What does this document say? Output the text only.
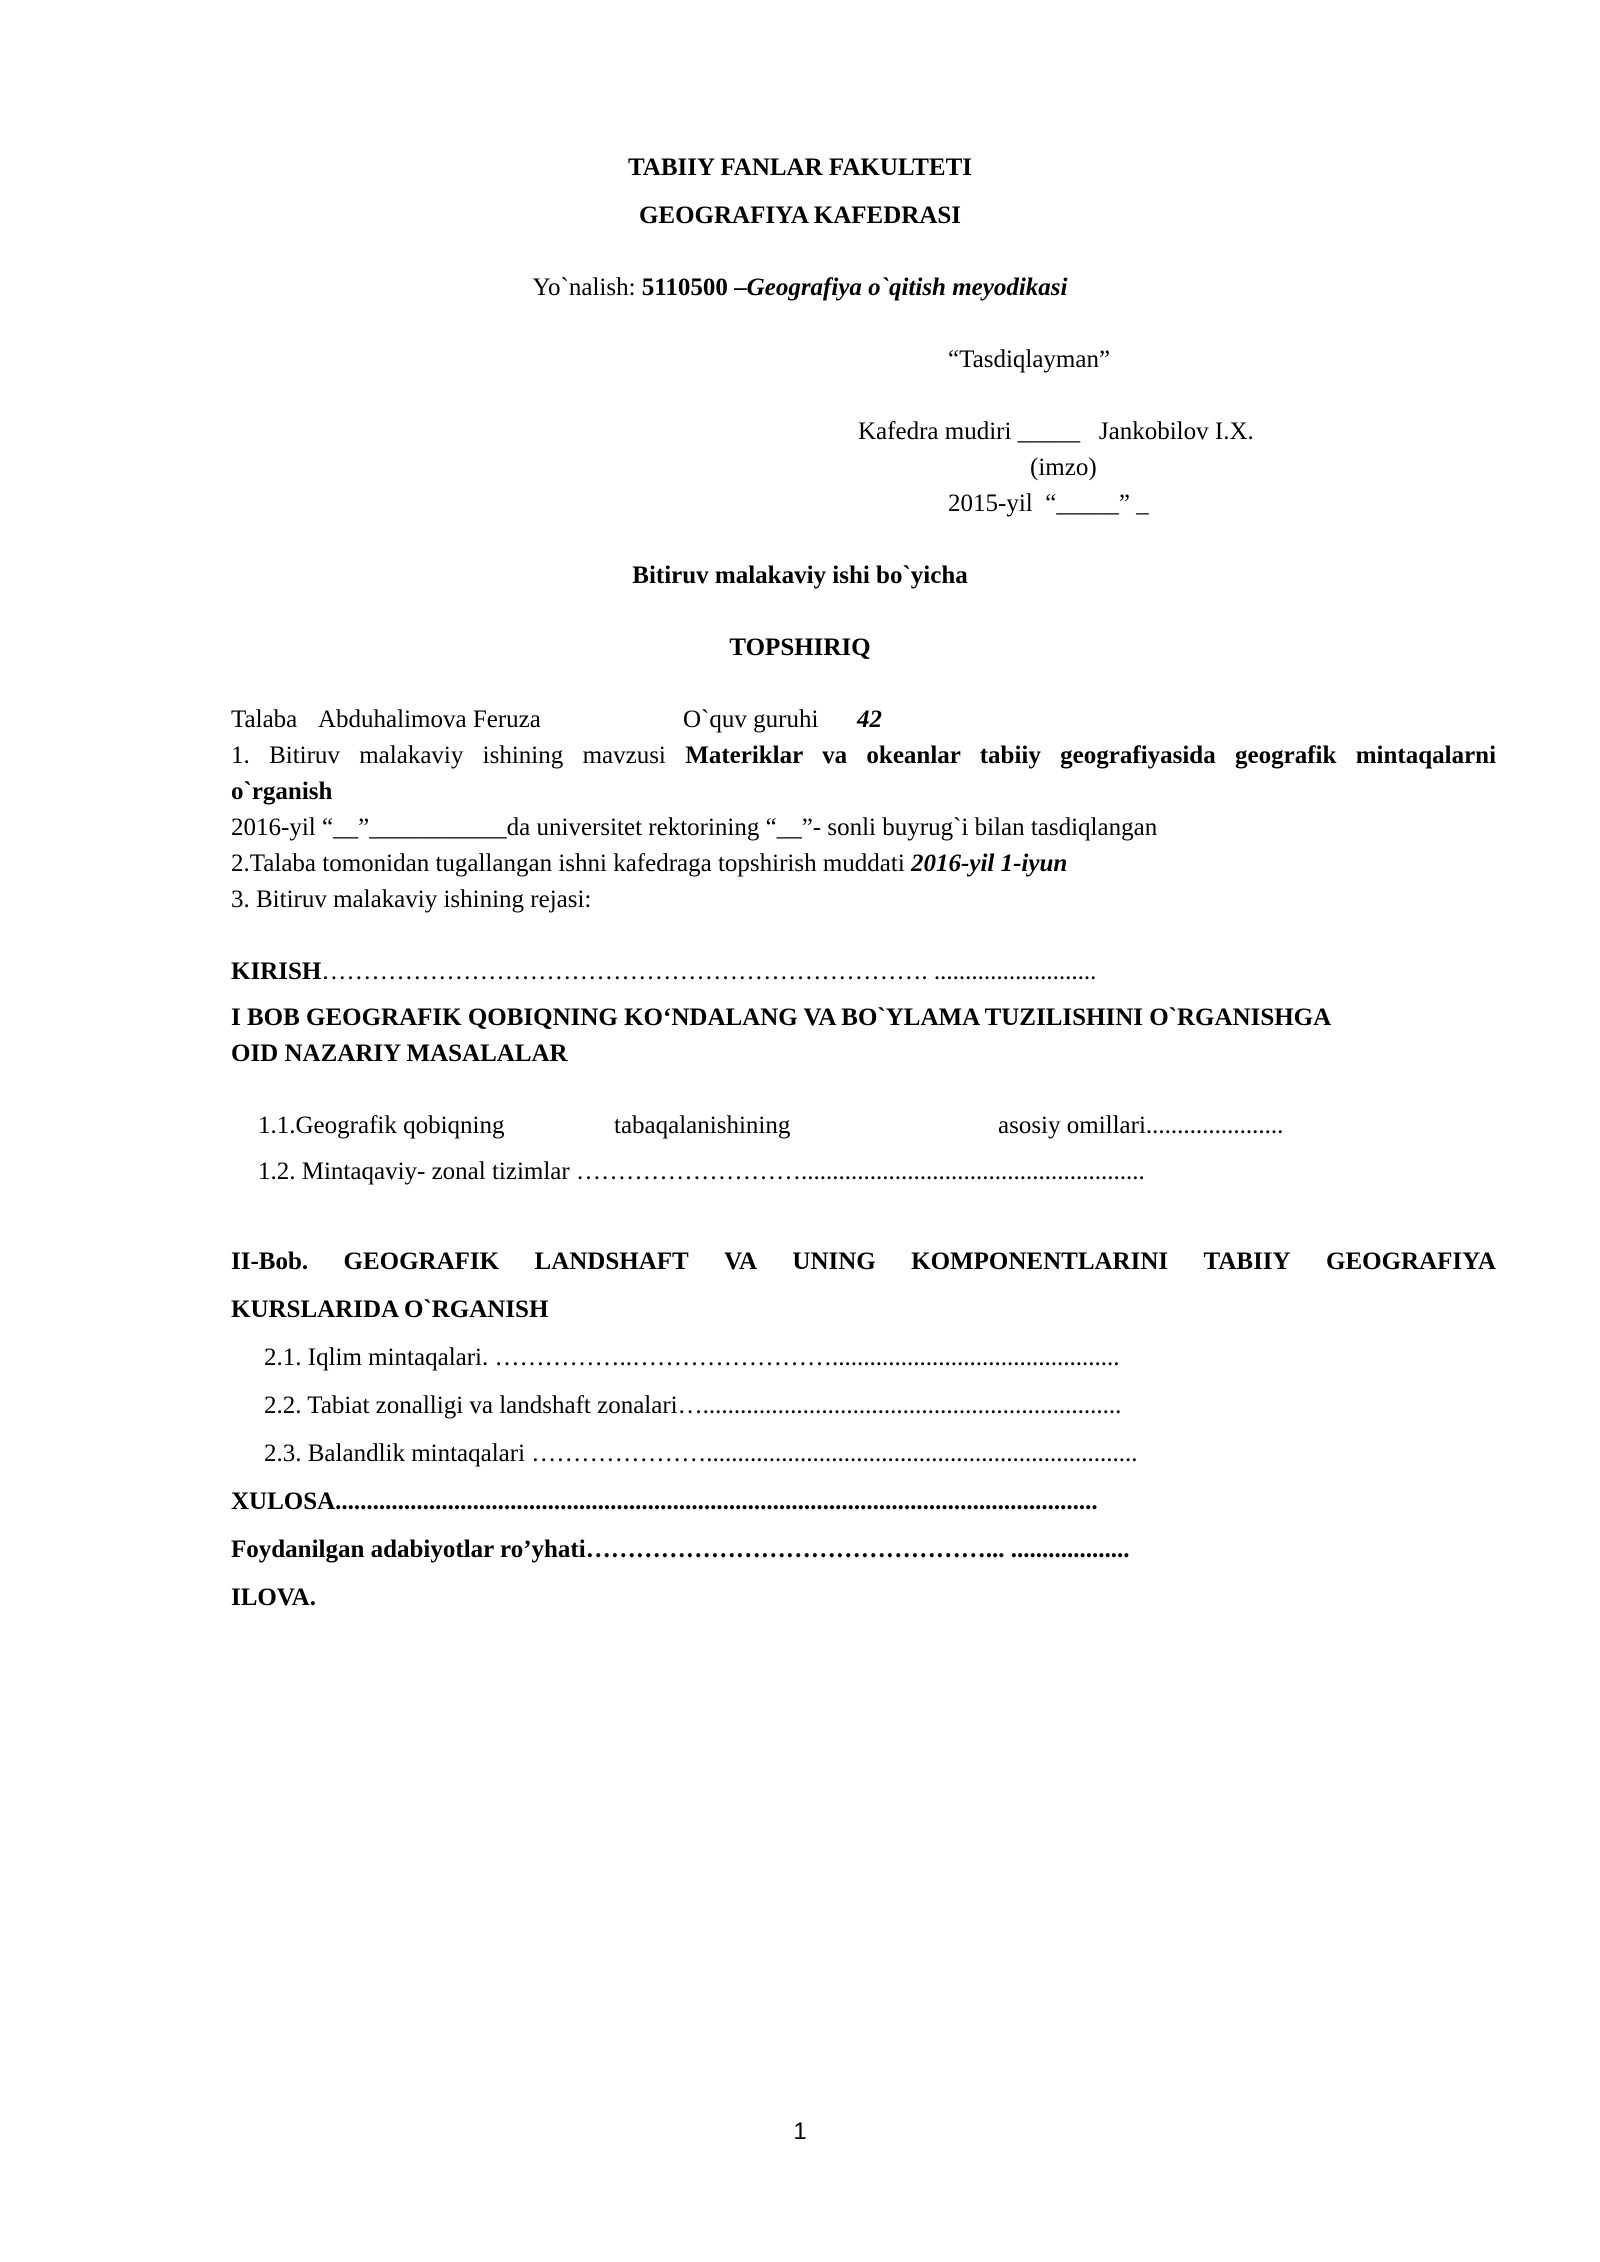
TABIIY FANLAR FAKULTETI
GEOGRAFIYA KAFEDRASI
Yo`nalish: 5110500 –Geografiya o`qitish meyodikasi
“Tasdiqlayman”
Kafedra mudiri _____   Jankobilov I.X.
(imzo)
2015-yil  “_____” _
Bitiruv malakaviy ishi bo`yicha
TOPSHIRIQ
Talaba Abduhalimova Feruza	O`quv guruhi 42
1. Bitiruv malakaviy ishining mavzusi Materiklar va okeanlar tabiiy geografiyasida geografik mintaqalarni
o`rganish
2016-yil “__”___________da universitet rektorining “__”- sonli buyrug`i bilan tasdiqlangan
2.Talaba tomonidan tugallangan ishni kafedraga topshirish muddati 2016-yil 1-iyun
3. Bitiruv malakaviy ishining rejasi:
KIRISH………………………………………………………………. ..........................
I BOB GEOGRAFIK QOBIQNING KO‘NDALANG VA BO`YLAMA TUZILISHINI O`RGANISHGA
OID NAZARIY MASALALAR
1.1.Geografik qobiqning	tabaqalanishining	asosiy omillari......................
1.2. Mintaqaviy- zonal tizimlar ……………………….......................................................
II-Bob. GEOGRAFIK LANDSHAFT VA UNING KOMPONENTLARINI TABIIY GEOGRAFIYA
KURSLARIDA O`RGANISH
2.1. Iqlim mintaqalari. ……………..……………………..............................................
2.2. Tabiat zonalligi va landshaft zonalari…...................................................................
2.3. Balandlik mintaqalari ………………….....................................................................
XULOSA..........................................................................................................................
Foydanilgan adabiyotlar ro’yhati…………………………………………... ...................
ILOVA.
1
